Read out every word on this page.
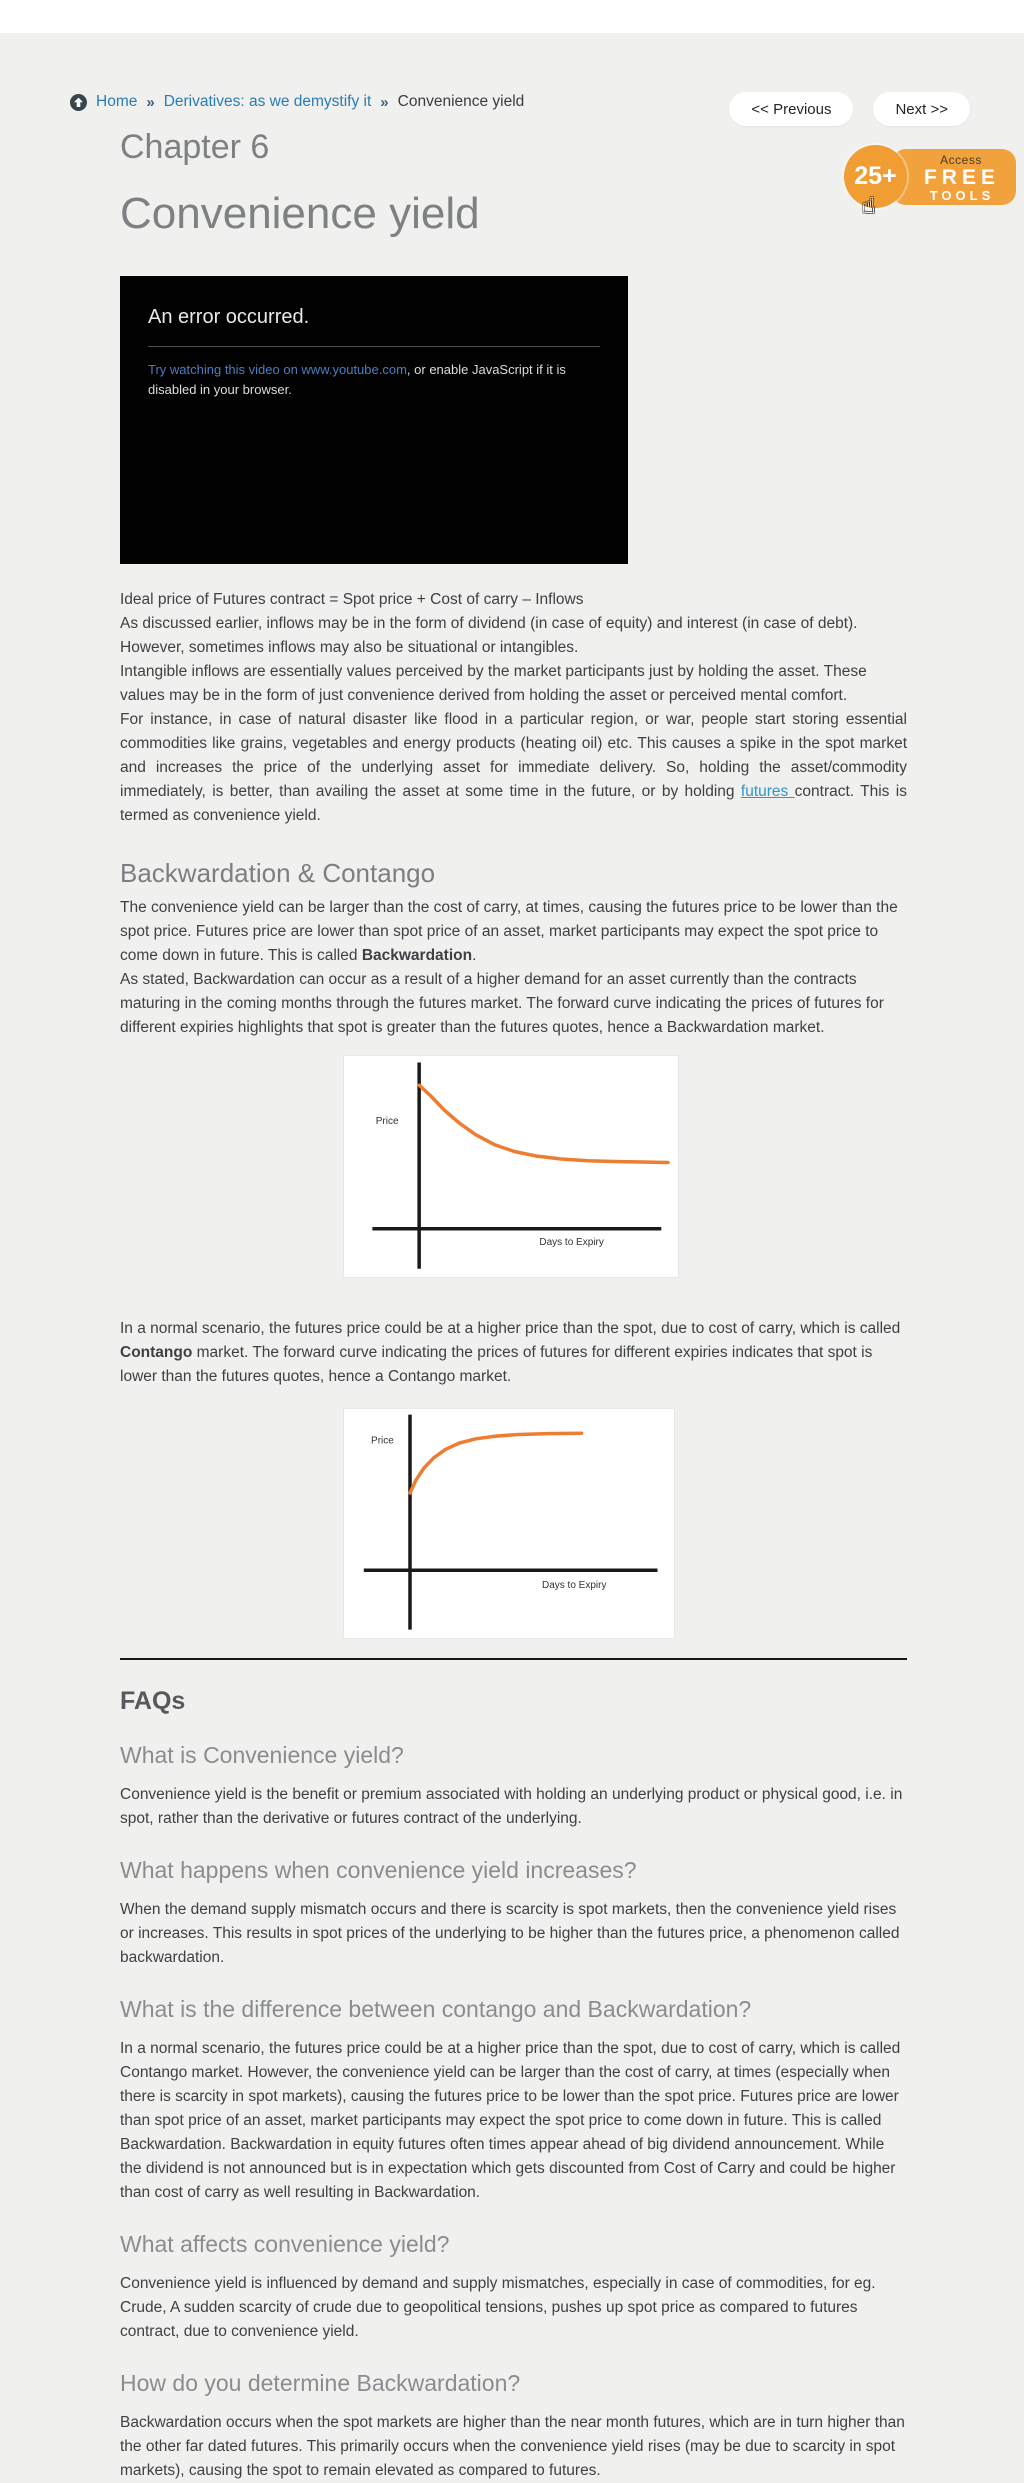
Home » Derivatives: as we demystify it » Convenience yield	<< Previous	Next >>
Access
FREE
TOOLS
25+
☝
Chapter 6
Convenience yield
An error occurred.
Try watching this video on www.youtube.com, or enable JavaScript if it is disabled in your browser.

Ideal price of Futures contract = Spot price + Cost of carry – Inflows

As discussed earlier, inflows may be in the form of dividend (in case of equity) and interest (in case of debt). However, sometimes inflows may also be situational or intangibles.

Intangible inflows are essentially values perceived by the market participants just by holding the asset. These values may be in the form of just convenience derived from holding the asset or perceived mental comfort.

For instance, in case of natural disaster like flood in a particular region, or war, people start storing essential commodities like grains, vegetables and energy products (heating oil) etc. This causes a spike in the spot market and increases the price of the underlying asset for immediate delivery. So, holding the asset/commodity immediately, is better, than availing the asset at some time in the future, or by holding futures contract. This is termed as convenience yield.

Backwardation & Contango

The convenience yield can be larger than the cost of carry, at times, causing the futures price to be lower than the spot price. Futures price are lower than spot price of an asset, market participants may expect the spot price to come down in future. This is called Backwardation.

As stated, Backwardation can occur as a result of a higher demand for an asset currently than the contracts maturing in the coming months through the futures market. The forward curve indicating the prices of futures for different expiries highlights that spot is greater than the futures quotes, hence a Backwardation market.

Price
Days to Expiry

In a normal scenario, the futures price could be at a higher price than the spot, due to cost of carry, which is called Contango market. The forward curve indicating the prices of futures for different expiries indicates that spot is lower than the futures quotes, hence a Contango market.

Price
Days to Expiry
FAQs
What is Convenience yield?

Convenience yield is the benefit or premium associated with holding an underlying product or physical good, i.e. in spot, rather than the derivative or futures contract of the underlying.

What happens when convenience yield increases?

When the demand supply mismatch occurs and there is scarcity is spot markets, then the convenience yield rises or increases. This results in spot prices of the underlying to be higher than the futures price, a phenomenon called backwardation.

What is the difference between contango and Backwardation?

In a normal scenario, the futures price could be at a higher price than the spot, due to cost of carry, which is called Contango market. However, the convenience yield can be larger than the cost of carry, at times (especially when there is scarcity in spot markets), causing the futures price to be lower than the spot price. Futures price are lower than spot price of an asset, market participants may expect the spot price to come down in future. This is called Backwardation. Backwardation in equity futures often times appear ahead of big dividend announcement. While the dividend is not announced but is in expectation which gets discounted from Cost of Carry and could be higher than cost of carry as well resulting in Backwardation.

What affects convenience yield?

Convenience yield is influenced by demand and supply mismatches, especially in case of commodities, for eg. Crude, A sudden scarcity of crude due to geopolitical tensions, pushes up spot price as compared to futures contract, due to convenience yield.

How do you determine Backwardation?

Backwardation occurs when the spot markets are higher than the near month futures, which are in turn higher than the other far dated futures. This primarily occurs when the convenience yield rises (may be due to scarcity in spot markets), causing the spot to remain elevated as compared to futures.
